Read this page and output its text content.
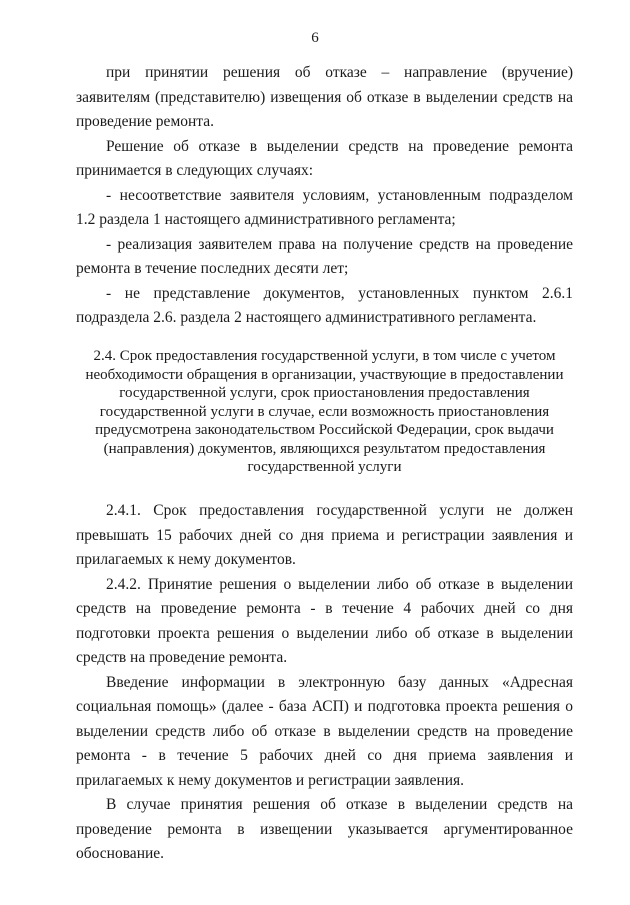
6

при принятии решения об отказе – направление (вручение) заявителям (представителю) извещения об отказе в выделении средств на проведение ремонта.

Решение об отказе в выделении средств на проведение ремонта принимается в следующих случаях:

- несоответствие заявителя условиям, установленным подразделом 1.2 раздела 1 настоящего административного регламента;

- реализация заявителем права на получение средств на проведение ремонта в течение последних десяти лет;

- не представление документов, установленных пунктом 2.6.1 подраздела 2.6. раздела 2 настоящего административного регламента.

2.4. Срок предоставления государственной услуги, в том числе с учетом необходимости обращения в организации, участвующие в предоставлении государственной услуги, срок приостановления предоставления государственной услуги в случае, если возможность приостановления предусмотрена законодательством Российской Федерации, срок выдачи (направления) документов, являющихся результатом предоставления государственной услуги

2.4.1. Срок предоставления государственной услуги не должен превышать 15 рабочих дней со дня приема и регистрации заявления и прилагаемых к нему документов.

2.4.2. Принятие решения о выделении либо об отказе в выделении средств на проведение ремонта - в течение 4 рабочих дней со дня подготовки проекта решения о выделении либо об отказе в выделении средств на проведение ремонта.

Введение информации в электронную базу данных «Адресная социальная помощь» (далее - база АСП) и подготовка проекта решения о выделении средств либо об отказе в выделении средств на проведение ремонта - в течение 5 рабочих дней со дня приема заявления и прилагаемых к нему документов и регистрации заявления.

В случае принятия решения об отказе в выделении средств на проведение ремонта в извещении указывается аргументированное обоснование.
